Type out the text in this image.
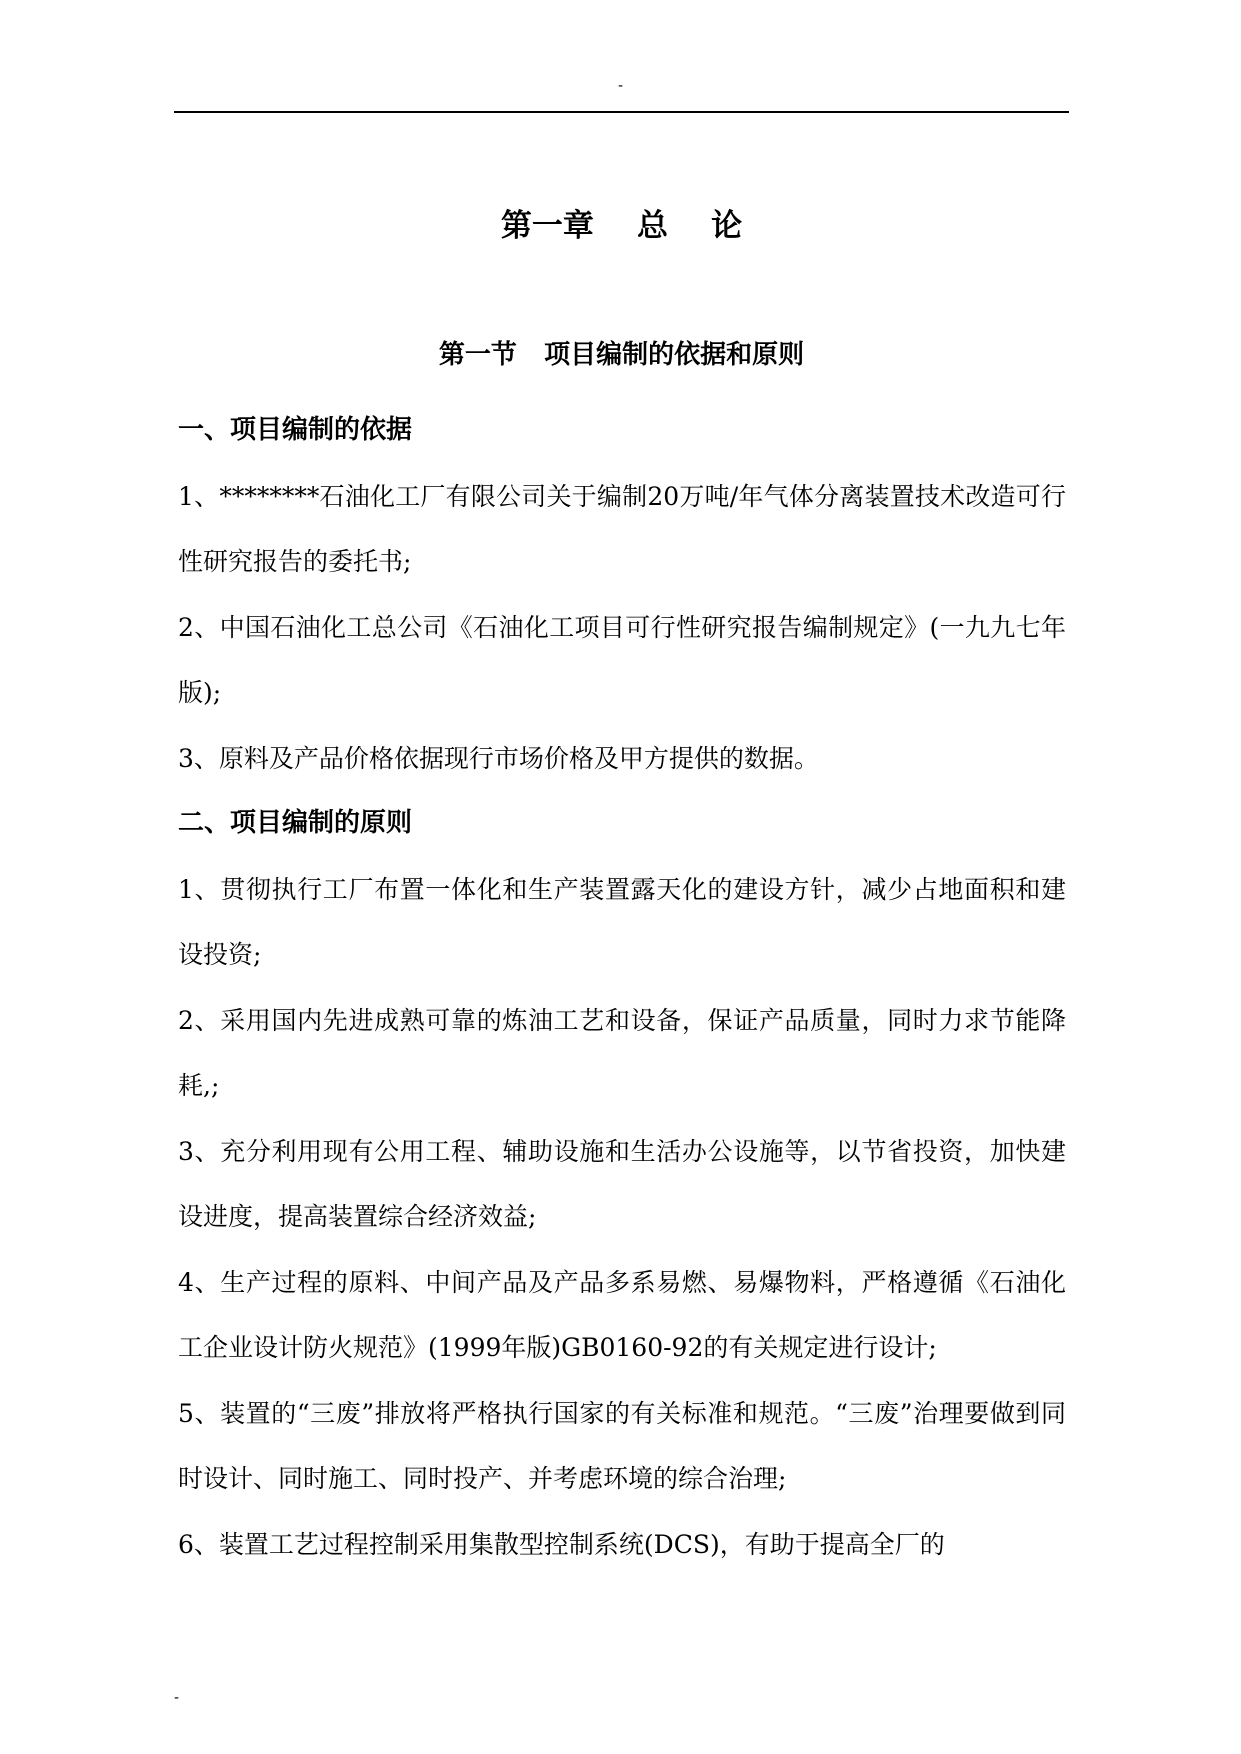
-
第一章    总    论
第一节   项目编制的依据和原则
一、项目编制的依据

1、********石油化工厂有限公司关于编制20万吨/年气体分离装置技术改造可行性研究报告的委托书;

2、中国石油化工总公司《石油化工项目可行性研究报告编制规定》(一九九七年版);

3、原料及产品价格依据现行市场价格及甲方提供的数据。

二、项目编制的原则

1、贯彻执行工厂布置一体化和生产装置露天化的建设方针，减少占地面积和建设投资;

2、采用国内先进成熟可靠的炼油工艺和设备，保证产品质量，同时力求节能降耗,;

3、充分利用现有公用工程、辅助设施和生活办公设施等，以节省投资，加快建设进度，提高装置综合经济效益;

4、生产过程的原料、中间产品及产品多系易燃、易爆物料，严格遵循《石油化工企业设计防火规范》(1999年版)GB0160-92的有关规定进行设计;

5、装置的“三废”排放将严格执行国家的有关标准和规范。“三废”治理要做到同时设计、同时施工、同时投产、并考虑环境的综合治理;

6、装置工艺过程控制采用集散型控制系统(DCS)，有助于提高全厂的

-
